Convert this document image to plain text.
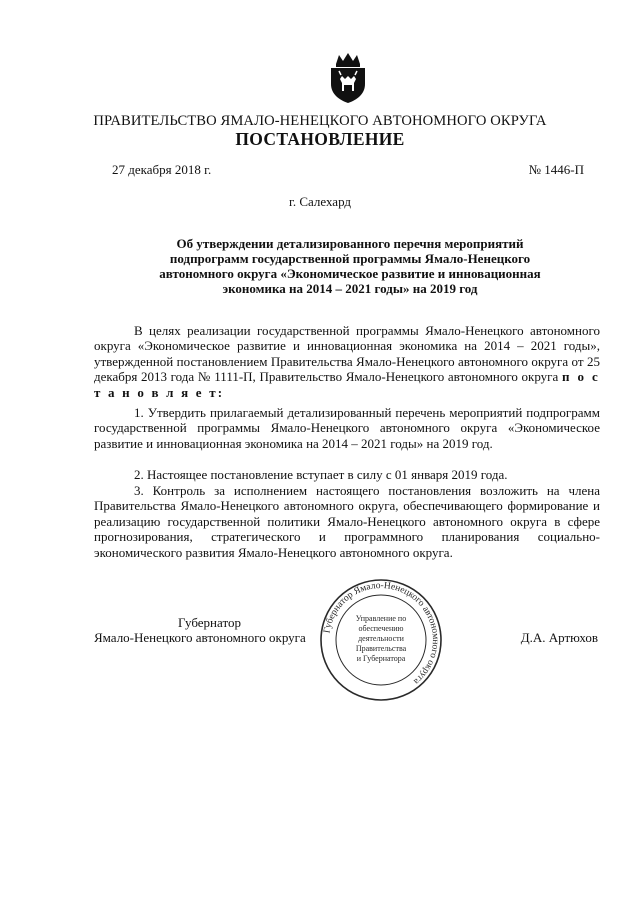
ПРАВИТЕЛЬСТВО ЯМАЛО-НЕНЕЦКОГО АВТОНОМНОГО ОКРУГА
ПОСТАНОВЛЕНИЕ
27 декабря 2018 г.	№ 1446-П
г. Салехард
Об утверждении детализированного перечня мероприятий подпрограмм государственной программы Ямало-Ненецкого автономного округа «Экономическое развитие и инновационная экономика на 2014 – 2021 годы» на 2019 год

В целях реализации государственной программы Ямало-Ненецкого автономного округа «Экономическое развитие и инновационная экономика на 2014 – 2021 годы», утвержденной постановлением Правительства Ямало-Ненецкого автономного округа от 25 декабря 2013 года № 1111-П, Правительство Ямало-Ненецкого автономного округа п о с т а н о в л я е т:

1. Утвердить прилагаемый детализированный перечень мероприятий подпрограмм государственной программы Ямало-Ненецкого автономного округа «Экономическое развитие и инновационная экономика на 2014 – 2021 годы» на 2019 год.

2. Настоящее постановление вступает в силу с 01 января 2019 года.

3. Контроль за исполнением настоящего постановления возложить на члена Правительства Ямало-Ненецкого автономного округа, обеспечивающего формирование и реализацию государственной политики Ямало-Ненецкого автономного округа в сфере прогнозирования, стратегического и программного планирования социально-экономического развития Ямало-Ненецкого автономного округа.

Губернатор
Ямало-Ненецкого автономного округа	Д.А. Артюхов
Губернатор Ямало-Ненецкого автономного округа
Управление по
обеспечению
деятельности
Правительства
и Губернатора
